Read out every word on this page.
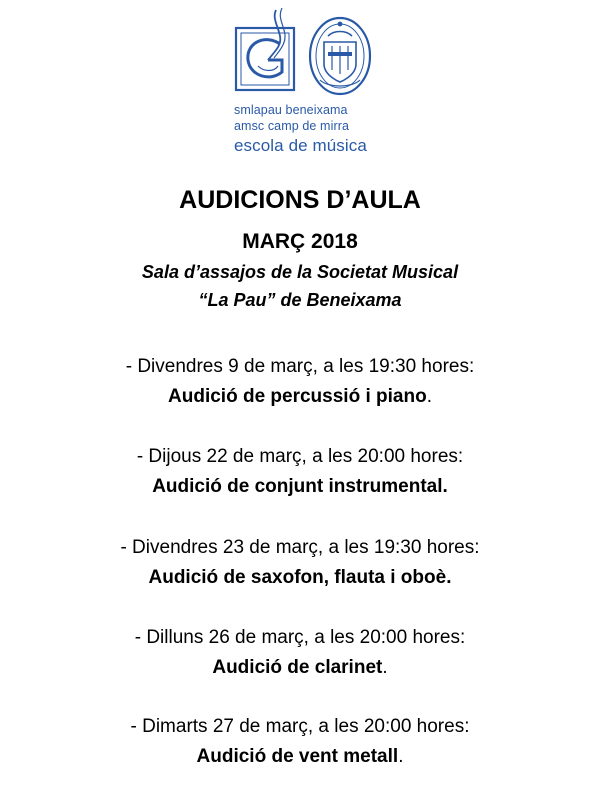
smlapau beneixama
amsc camp de mirra
escola de música
AUDICIONS D’AULA
MARÇ 2018
Sala d’assajos de la Societat Musical
“La Pau” de Beneixama
- Divendres 9 de març, a les 19:30 hores:
Audició de percussió i piano.
- Dijous 22 de març, a les 20:00 hores:
Audició de conjunt instrumental.
- Divendres 23 de març, a les 19:30 hores:
Audició de saxofon, flauta i oboè.
- Dilluns 26 de març, a les 20:00 hores:
Audició de clarinet.
- Dimarts 27 de març, a les 20:00 hores:
Audició de vent metall.
